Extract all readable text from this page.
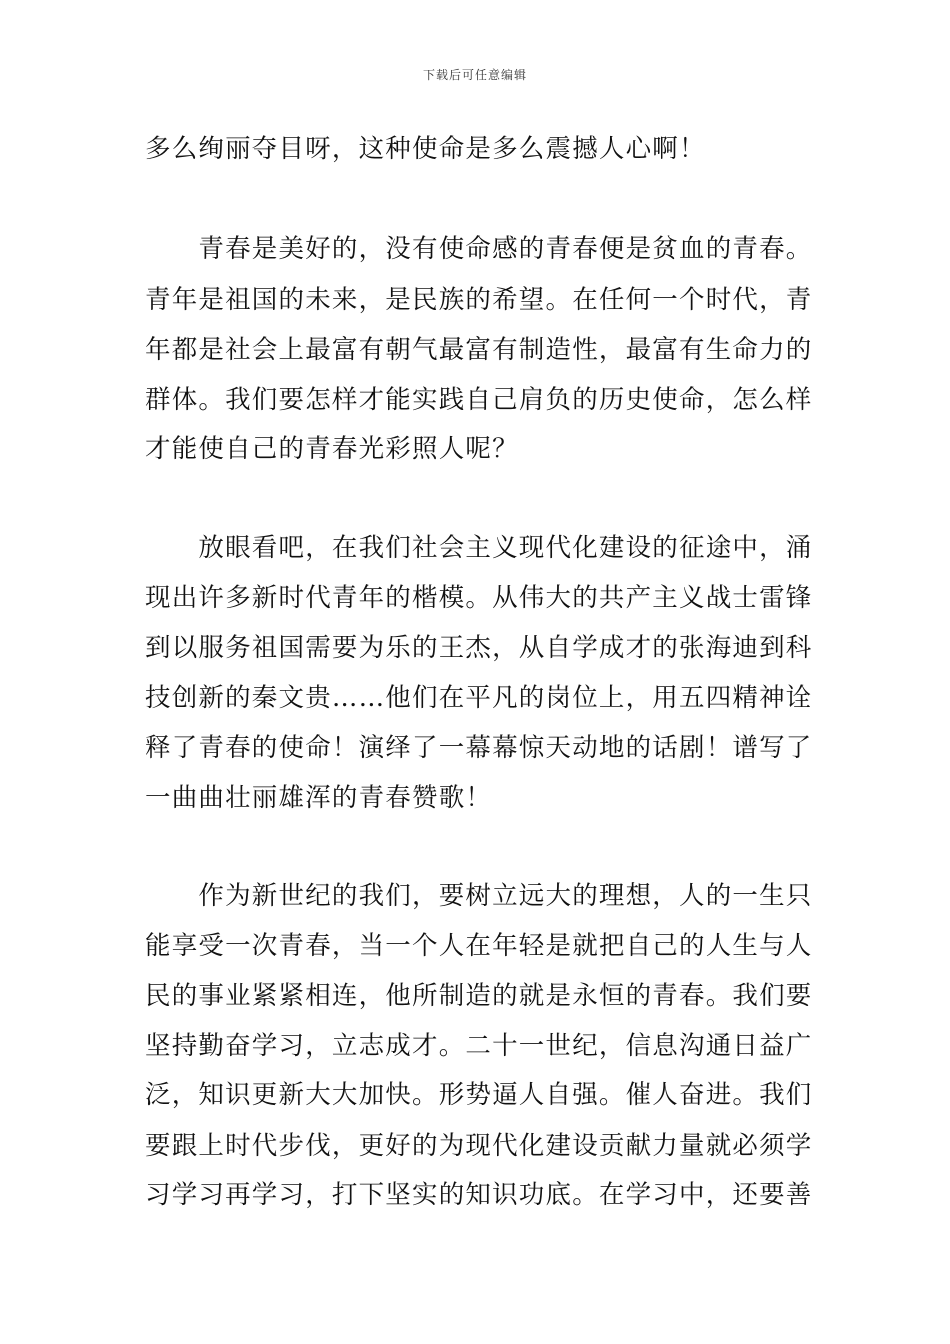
下载后可任意编辑
多么绚丽夺目呀，这种使命是多么震撼人心啊！
　　青春是美好的，没有使命感的青春便是贫血的青春。
青年是祖国的未来，是民族的希望。在任何一个时代，青
年都是社会上最富有朝气最富有制造性，最富有生命力的
群体。我们要怎样才能实践自己肩负的历史使命，怎么样
才能使自己的青春光彩照人呢？
　　放眼看吧，在我们社会主义现代化建设的征途中，涌
现出许多新时代青年的楷模。从伟大的共产主义战士雷锋
到以服务祖国需要为乐的王杰，从自学成才的张海迪到科
技创新的秦文贵……他们在平凡的岗位上，用五四精神诠
释了青春的使命！演绎了一幕幕惊天动地的话剧！谱写了
一曲曲壮丽雄浑的青春赞歌！
　　作为新世纪的我们，要树立远大的理想，人的一生只
能享受一次青春，当一个人在年轻是就把自己的人生与人
民的事业紧紧相连，他所制造的就是永恒的青春。我们要
坚持勤奋学习，立志成才。二十一世纪，信息沟通日益广
泛，知识更新大大加快。形势逼人自强。催人奋进。我们
要跟上时代步伐，更好的为现代化建设贡献力量就必须学
习学习再学习，打下坚实的知识功底。在学习中，还要善
